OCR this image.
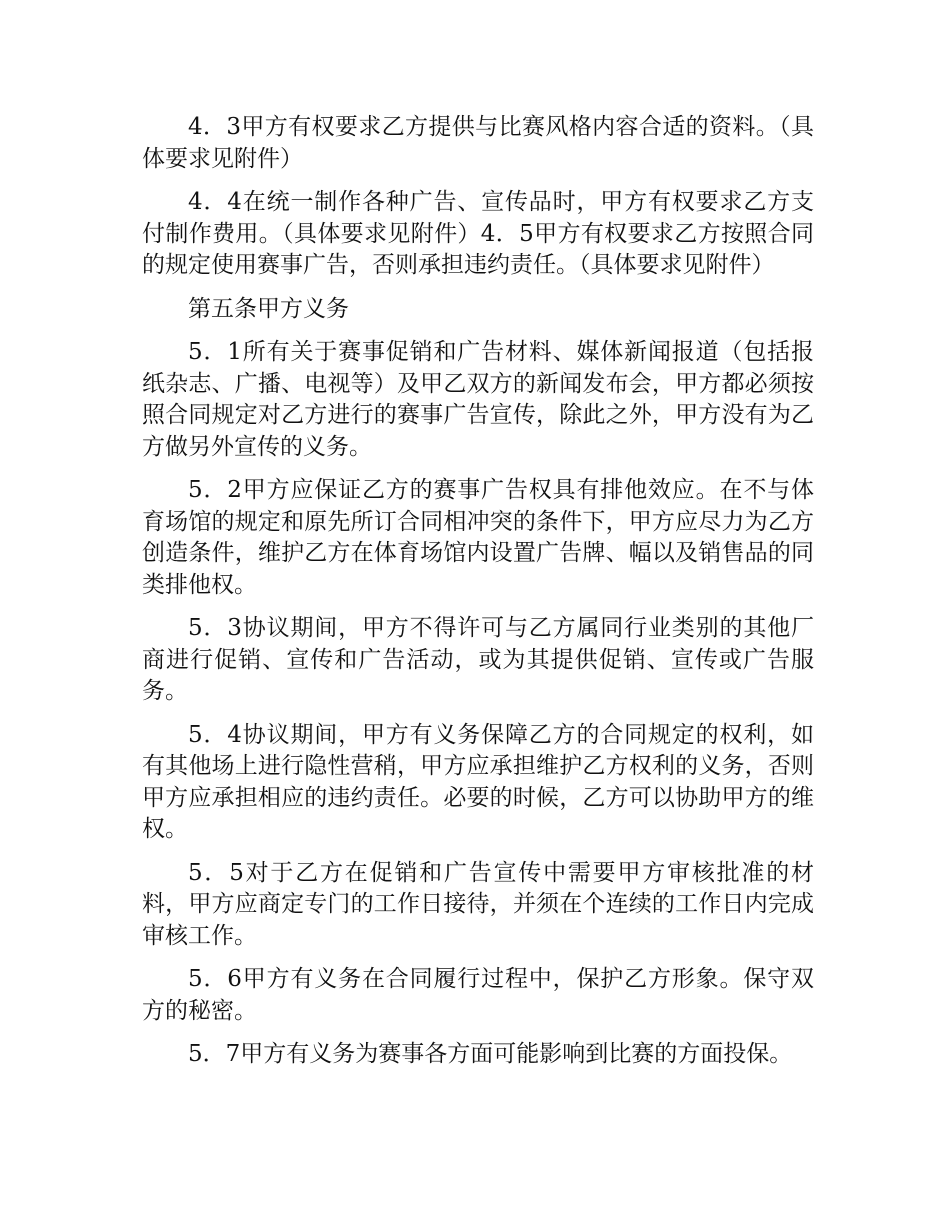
4．3甲方有权要求乙方提供与比赛风格内容合适的资料。（具体要求见附件）

4．4在统一制作各种广告、宣传品时，甲方有权要求乙方支付制作费用。（具体要求见附件）4．5甲方有权要求乙方按照合同的规定使用赛事广告，否则承担违约责任。（具体要求见附件）

第五条甲方义务

5．1所有关于赛事促销和广告材料、媒体新闻报道（包括报纸杂志、广播、电视等）及甲乙双方的新闻发布会，甲方都必须按照合同规定对乙方进行的赛事广告宣传，除此之外，甲方没有为乙方做另外宣传的义务。

5．2甲方应保证乙方的赛事广告权具有排他效应。在不与体育场馆的规定和原先所订合同相冲突的条件下，甲方应尽力为乙方创造条件，维护乙方在体育场馆内设置广告牌、幅以及销售品的同类排他权。

5．3协议期间，甲方不得许可与乙方属同行业类别的其他厂商进行促销、宣传和广告活动，或为其提供促销、宣传或广告服务。

5．4协议期间，甲方有义务保障乙方的合同规定的权利，如有其他场上进行隐性营稍，甲方应承担维护乙方权利的义务，否则甲方应承担相应的违约责任。必要的时候，乙方可以协助甲方的维权。

5．5对于乙方在促销和广告宣传中需要甲方审核批准的材料，甲方应商定专门的工作日接待，并须在个连续的工作日内完成审核工作。

5．6甲方有义务在合同履行过程中，保护乙方形象。保守双方的秘密。

5．7甲方有义务为赛事各方面可能影响到比赛的方面投保。
